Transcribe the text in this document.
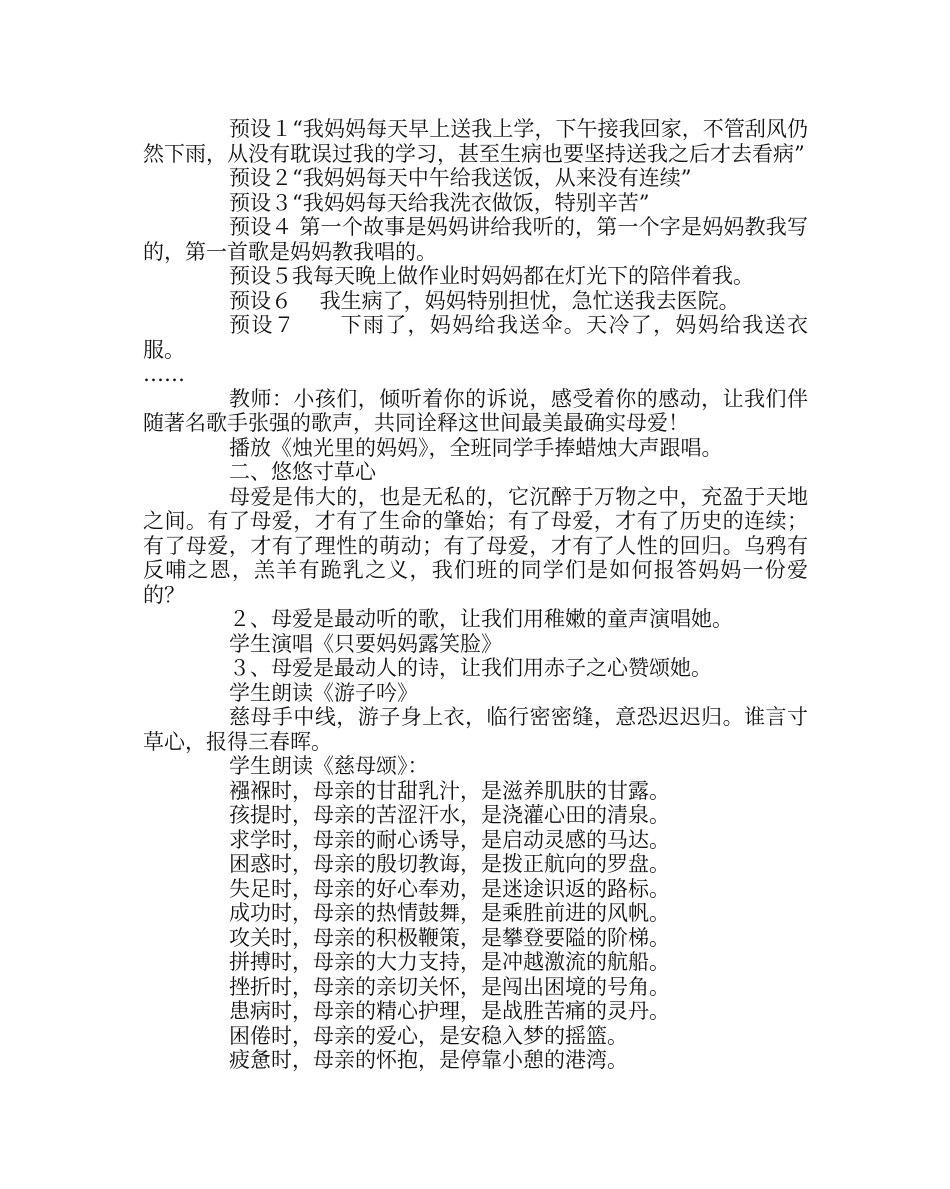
预设１“我妈妈每天早上送我上学，下午接我回家，不管刮风仍然下雨，从没有耽误过我的学习，甚至生病也要坚持送我之后才去看病”

预设２“我妈妈每天中午给我送饭，从来没有连续”

预设３“我妈妈每天给我洗衣做饭，特别辛苦”

预设４ 第一个故事是妈妈讲给我听的，第一个字是妈妈教我写的，第一首歌是妈妈教我唱的。

预设５我每天晚上做作业时妈妈都在灯光下的陪伴着我。

预设６　 我生病了，妈妈特别担忧，急忙送我去医院。

预设７　　下雨了，妈妈给我送伞。天冷了，妈妈给我送衣服。

……

教师：小孩们，倾听着你的诉说，感受着你的感动，让我们伴随著名歌手张强的歌声，共同诠释这世间最美最确实母爱！

播放《烛光里的妈妈》，全班同学手捧蜡烛大声跟唱。

二、悠悠寸草心

母爱是伟大的，也是无私的，它沉醉于万物之中，充盈于天地之间。有了母爱，才有了生命的肇始；有了母爱，才有了历史的连续；有了母爱，才有了理性的萌动；有了母爱，才有了人性的回归。乌鸦有反哺之恩，羔羊有跪乳之义，我们班的同学们是如何报答妈妈一份爱的？

２、母爱是最动听的歌，让我们用稚嫩的童声演唱她。

学生演唱《只要妈妈露笑脸》

３、母爱是最动人的诗，让我们用赤子之心赞颂她。

学生朗读《游子吟》

慈母手中线，游子身上衣，临行密密缝，意恐迟迟归。谁言寸草心，报得三春晖。

学生朗读《慈母颂》：

襁褓时，母亲的甘甜乳汁，是滋养肌肤的甘露。

孩提时，母亲的苦涩汗水，是浇灌心田的清泉。

求学时，母亲的耐心诱导，是启动灵感的马达。

困惑时，母亲的殷切教诲，是拨正航向的罗盘。

失足时，母亲的好心奉劝，是迷途识返的路标。

成功时，母亲的热情鼓舞，是乘胜前进的风帆。

攻关时，母亲的积极鞭策，是攀登要隘的阶梯。

拼搏时，母亲的大力支持，是冲越激流的航船。

挫折时，母亲的亲切关怀，是闯出困境的号角。

患病时，母亲的精心护理，是战胜苦痛的灵丹。

困倦时，母亲的爱心，是安稳入梦的摇篮。

疲惫时，母亲的怀抱，是停靠小憩的港湾。
